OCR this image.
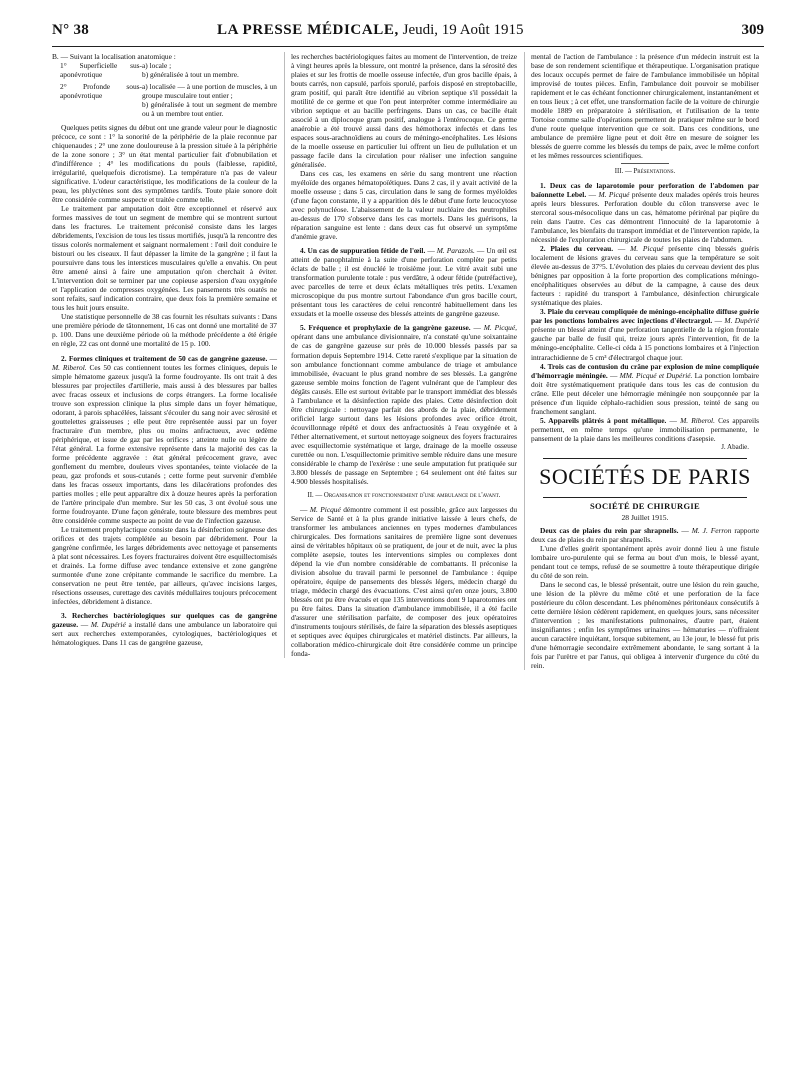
N° 38	LA PRESSE MÉDICALE, Jeudi, 19 Août 1915	309

B. — Suivant la localisation anatomique :

1° Superficielle sus-aponévrotique
a) locale ;
b) généralisée à tout un membre.
2° Profonde sous-aponévrotique
a) localisée — à une portion de muscles, à un groupe musculaire tout entier ;
b) généralisée à tout un segment de membre ou à un membre tout entier.

Quelques petits signes du début ont une grande valeur pour le diagnostic précoce, ce sont : 1° la sonorité de la périphérie de la plaie reconnue par chiquenaudes ; 2° une zone douloureuse à la pression située à la périphérie de la zone sonore ; 3° un état mental particulier fait d'obnubilation et d'indifférence ; 4° les modifications du pouls (faiblesse, rapidité, irrégularité, quelquefois dicrotisme). La température n'a pas de valeur significative. L'odeur caractéristique, les modifications de la couleur de la peau, les phlyctènes sont des symptômes tardifs. Toute plaie sonore doit être considérée comme suspecte et traitée comme telle.

Le traitement par amputation doit être exceptionnel et réservé aux formes massives de tout un segment de membre qui se montrent surtout dans les fractures. Le traitement préconisé consiste dans les larges débridements, l'excision de tous les tissus mortifiés, jusqu'à la rencontre des tissus colorés normalement et saignant normalement : l'œil doit conduire le bistouri ou les ciseaux. Il faut dépasser la limite de la gangrène ; il faut la poursuivre dans tous les interstices musculaires qu'elle a envahis. On peut être amené ainsi à faire une amputation qu'on cherchait à éviter. L'intervention doit se terminer par une copieuse aspersion d'eau oxygénée et l'application de compresses oxygénées. Les pansements très ouatés ne sont refaits, sauf indication contraire, que deux fois la première semaine et tous les huit jours ensuite.

Une statistique personnelle de 38 cas fournit les résultats suivants : Dans une première période de tâtonnement, 16 cas ont donné une mortalité de 37 p. 100. Dans une deuxième période où la méthode précédente a été érigée en règle, 22 cas ont donné une mortalité de 15 p. 100.

2. Formes cliniques et traitement de 50 cas de gangrène gazeuse. — M. Riberol. Ces 50 cas contiennent toutes les formes cliniques, depuis le simple hématome gazeux jusqu'à la forme foudroyante. Ils ont trait à des blessures par projectiles d'artillerie, mais aussi à des blessures par balles avec fracas osseux et inclusions de corps étrangers. La forme localisée trouve son expression clinique la plus simple dans un foyer hématique, odorant, à parois sphacélées, laissant s'écouler du sang noir avec sérosité et gouttelettes graisseuses ; elle peut être représentée aussi par un foyer fracturaire d'un membre, plus ou moins anfractueux, avec œdème périphérique, et issue de gaz par les orifices ; atteinte nulle ou légère de l'état général. La forme extensive représente dans la majorité des cas la forme précédente aggravée : état général précocement grave, avec gonflement du membre, douleurs vives spontanées, teinte violacée de la peau, gaz profonds et sous-cutanés ; cette forme peut survenir d'emblée dans les fracas osseux importants, dans les dilacérations profondes des parties molles ; elle peut apparaître dix à douze heures après la perforation de l'artère principale d'un membre. Sur les 50 cas, 3 ont évolué sous une forme foudroyante. D'une façon générale, toute blessure des membres peut être considérée comme suspecte au point de vue de l'infection gazeuse.

Le traitement prophylactique consiste dans la désinfection soigneuse des orifices et des trajets complétée au besoin par débridement. Pour la gangrène confirmée, les larges débridements avec nettoyage et pansements à plat sont nécessaires. Les foyers fracturaires doivent être esquillectomisés et drainés. La forme diffuse avec tendance extensive et zone gangrène surmontée d'une zone crépitante commande le sacrifice du membre. La conservation ne peut être tentée, par ailleurs, qu'avec incisions larges, résections osseuses, curettage des cavités médullaires toujours précocement infectées, débridement à distance.

3. Recherches bactériologiques sur quelques cas de gangrène gazeuse. — M. Dupérié a installé dans une ambulance un laboratoire qui sert aux recherches extemporanées, cytologiques, bactériologiques et hématologiques. Dans 11 cas de gangrène gazeuse,

les recherches bactériologiques faites au moment de l'intervention, de treize à vingt heures après la blessure, ont montré la présence, dans la sérosité des plaies et sur les frottis de moelle osseuse infectée, d'un gros bacille épais, à bouts carrés, non capsulé, parfois sporulé, parfois disposé en streptobacille, gram positif, qui paraît être identifié au vibrion septique s'il possédait la motilité de ce germe et que l'on peut interpréter comme intermédiaire au vibrion septique et au bacille perfringens. Dans un cas, ce bacille était associé à un diplocoque gram positif, analogue à l'entérocoque. Ce germe anaérobie a été trouvé aussi dans des hémothorax infectés et dans les espaces sous-arachnoïdiens au cours de méningo-encéphalites. Les lésions de la moelle osseuse en particulier lui offrent un lieu de pullulation et un passage facile dans la circulation pour réaliser une infection sanguine généralisée.

Dans ces cas, les examens en série du sang montrent une réaction myéloïde des organes hématopoïétiques. Dans 2 cas, il y avait activité de la moelle osseuse ; dans 5 cas, circulation dans le sang de formes myéloïdes (d'une façon constante, il y a apparition dès le début d'une forte leucocytose avec polynucléose. L'abaissement de la valeur nucléaire des neutrophiles au-dessus de 170 s'observe dans les cas mortels. Dans les guérisons, la réparation sanguine est lente : dans deux cas fut observé un symptôme d'anémie grave.

4. Un cas de suppuration fétide de l'œil. — M. Parazols. — Un œil est atteint de panophtalmie à la suite d'une perforation complète par petits éclats de balle ; il est énucléé le troisième jour. Le vitré avait subi une transformation purulente totale : pus verdâtre, à odeur fétide (putréfactive), avec parcelles de terre et deux éclats métalliques très petits. L'examen microscopique du pus montre surtout l'abondance d'un gros bacille court, présentant tous les caractères de celui rencontré habituellement dans les exsudats et la moelle osseuse des blessés atteints de gangrène gazeuse.

5. Fréquence et prophylaxie de la gangrène gazeuse. — M. Picqué, opérant dans une ambulance divisionnaire, n'a constaté qu'une soixantaine de cas de gangrène gazeuse sur près de 10.000 blessés passés par sa formation depuis Septembre 1914. Cette rareté s'explique par la situation de son ambulance fonctionnant comme ambulance de triage et ambulance immobilisée, évacuant le plus grand nombre de ses blessés. La gangrène gazeuse semble moins fonction de l'agent vulnérant que de l'ampleur des dégâts causés. Elle est surtout évitable par le transport immédiat des blessés à l'ambulance et la désinfection rapide des plaies. Cette désinfection doit être chirurgicale : nettoyage parfait des abords de la plaie, débridement orificiel large surtout dans les lésions profondes avec orifice étroit, écouvillonnage répété et doux des anfractuosités à l'eau oxygénée et à l'éther alternativement, et surtout nettoyage soigneux des foyers fracturaires avec esquillectomie systématique et large, drainage de la moelle osseuse curettée ou non. L'esquillectomie primitive semble réduire dans une mesure considérable le champ de l'exérèse : une seule amputation fut pratiquée sur 3.800 blessés de passage en Septembre ; 64 seulement ont été faites sur 4.900 blessés hospitalisés.

II. — Organisation et fonctionnement d'une ambulance de l'avant.

— M. Picqué démontre comment il est possible, grâce aux largesses du Service de Santé et à la plus grande initiative laissée à leurs chefs, de transformer les ambulances anciennes en types modernes d'ambulances chirurgicales. Des formations sanitaires de première ligne sont devenues ainsi de véritables hôpitaux où se pratiquent, de jour et de nuit, avec la plus complète asepsie, toutes les interventions simples ou complexes dont dépend la vie d'un nombre considérable de combattants. Il préconise la division absolue du travail parmi le personnel de l'ambulance : équipe opératoire, équipe de pansements des blessés légers, médecin chargé du triage, médecin chargé des évacuations. C'est ainsi qu'en onze jours, 3.800 blessés ont pu être évacués et que 135 interventions dont 9 laparotomies ont pu être faites. Dans la situation d'ambulance immobilisée, il a été facile d'assurer une stérilisation parfaite, de composer des jeux opératoires d'instruments toujours stérilisés, de faire la séparation des blessés aseptiques et septiques avec équipes chirurgicales et matériel distincts. Par ailleurs, la collaboration médico-chirurgicale doit être considérée comme un principe fonda-

mental de l'action de l'ambulance : la présence d'un médecin instruit est la base de son rendement scientifique et thérapeutique. L'organisation pratique des locaux occupés permet de faire de l'ambulance immobilisée un hôpital improvisé de toutes pièces. Enfin, l'ambulance doit pouvoir se mobiliser rapidement et le cas échéant fonctionner chirurgicalement, instantanément et en tous lieux ; à cet effet, une transformation facile de la voiture de chirurgie modèle 1889 en préparatoire à stérilisation, et l'utilisation de la tente Tortoise comme salle d'opérations permettent de pratiquer même sur le bord d'une route quelque intervention que ce soit. Dans ces conditions, une ambulance de première ligne peut et doit être en mesure de soigner les blessés de guerre comme les blessés du temps de paix, avec le même confort et les mêmes ressources scientifiques.

III. — Présentations.

1. Deux cas de laparotomie pour perforation de l'abdomen par baïonnette Lebel. — M. Picqué présente deux malades opérés trois heures après leurs blessures. Perforation double du côlon transverse avec le stercoral sous-mésocolique dans un cas, hématome périrénal par piqûre du rein dans l'autre. Ces cas démontrent l'innocuité de la laparotomie à l'ambulance, les bienfaits du transport immédiat et de l'intervention rapide, la nécessité de l'exploration chirurgicale de toutes les plaies de l'abdomen.

2. Plaies du cerveau. — M. Picqué présente cinq blessés guéris localement de lésions graves du cerveau sans que la température se soit élevée au-dessus de 37°5. L'évolution des plaies du cerveau devient des plus bénignes par opposition à la forte proportion des complications méningo-encéphalitiques observées au début de la campagne, à cause des deux facteurs : rapidité du transport à l'ambulance, désinfection chirurgicale systématique des plaies.

3. Plaie du cerveau compliquée de méningo-encéphalite diffuse guérie par les ponctions lombaires avec injections d'électrargol. — M. Dupérié présente un blessé atteint d'une perforation tangentielle de la région frontale gauche par balle de fusil qui, treize jours après l'intervention, fit de la méningo-encéphalite. Celle-ci céda à 15 ponctions lombaires et à l'injection intrarachidienne de 5 cm³ d'électrargol chaque jour.

4. Trois cas de contusion du crâne par explosion de mine compliquée d'hémorragie méningée. — MM. Picqué et Dupérié. La ponction lombaire doit être systématiquement pratiquée dans tous les cas de contusion du crâne. Elle peut déceler une hémorragie méningée non soupçonnée par la présence d'un liquide céphalo-rachidien sous pression, teinté de sang ou franchement sanglant.

5. Appareils plâtrés à pont métallique. — M. Riberol. Ces appareils permettent, en même temps qu'une immobilisation permanente, le pansement de la plaie dans les meilleures conditions d'asepsie.

J. Abadie.
SOCIÉTÉS DE PARIS
SOCIÉTÉ DE CHIRURGIE
28 Juillet 1915.

Deux cas de plaies du rein par shrapnells. — M. J. Ferron rapporte deux cas de plaies du rein par shrapnells.

L'une d'elles guérit spontanément après avoir donné lieu à une fistule lombaire uro-purulente qui se ferma au bout d'un mois, le blessé ayant, pendant tout ce temps, refusé de se soumettre à toute thérapeutique dirigée du côté de son rein.

Dans le second cas, le blessé présentait, outre une lésion du rein gauche, une lésion de la plèvre du même côté et une perforation de la face postérieure du côlon descendant. Les phénomènes péritonéaux consécutifs à cette dernière lésion cédèrent rapidement, en quelques jours, sans nécessiter d'intervention ; les manifestations pulmonaires, d'autre part, étaient insignifiantes ; enfin les symptômes urinaires — hématuries — n'offraient aucun caractère inquiétant, lorsque subitement, au 13e jour, le blessé fut pris d'une hémorragie secondaire extrêmement abondante, le sang sortant à la fois par l'urètre et par l'anus, qui obligea à intervenir d'urgence du côté du rein.
